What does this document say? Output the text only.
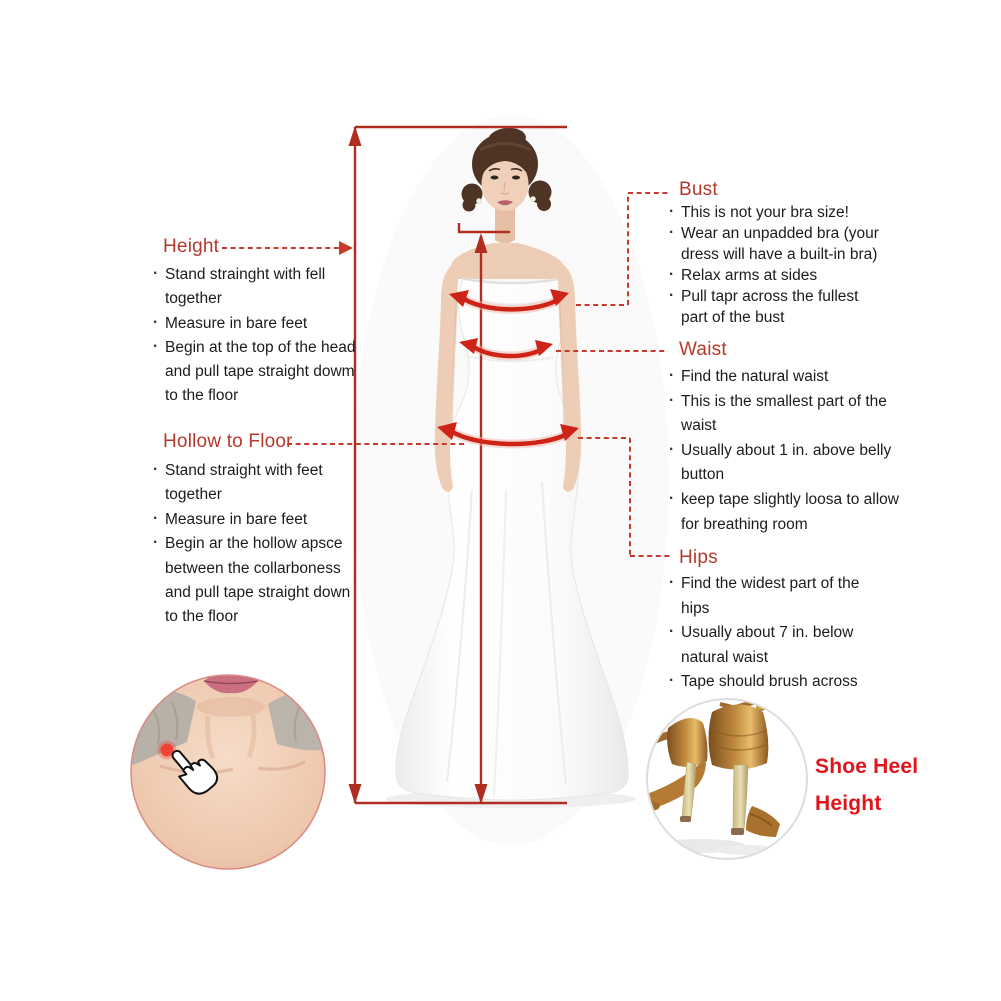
Height
· Stand strainght with fell
together
· Measure in bare feet
· Begin at the top of the head
and pull tape straight dowm
to the floor
Hollow to Floor
· Stand straight with feet
together
· Measure in bare feet
· Begin ar the hollow apsce
between the collarboness
and pull tape straight down
to the floor
Bust
· This is not your bra size!
· Wear an unpadded bra (your
dress will have a built-in bra)
· Relax arms at sides
· Pull tapr across the fullest
part of the bust
Waist
· Find the natural waist
· This is the smallest part of the
waist
· Usually about 1 in. above belly
button
· keep tape slightly loosa to allow
for breathing room
Hips
· Find the widest part of the
hips
· Usually about 7 in. below
natural waist
· Tape should brush across
Shoe Heel
Height
